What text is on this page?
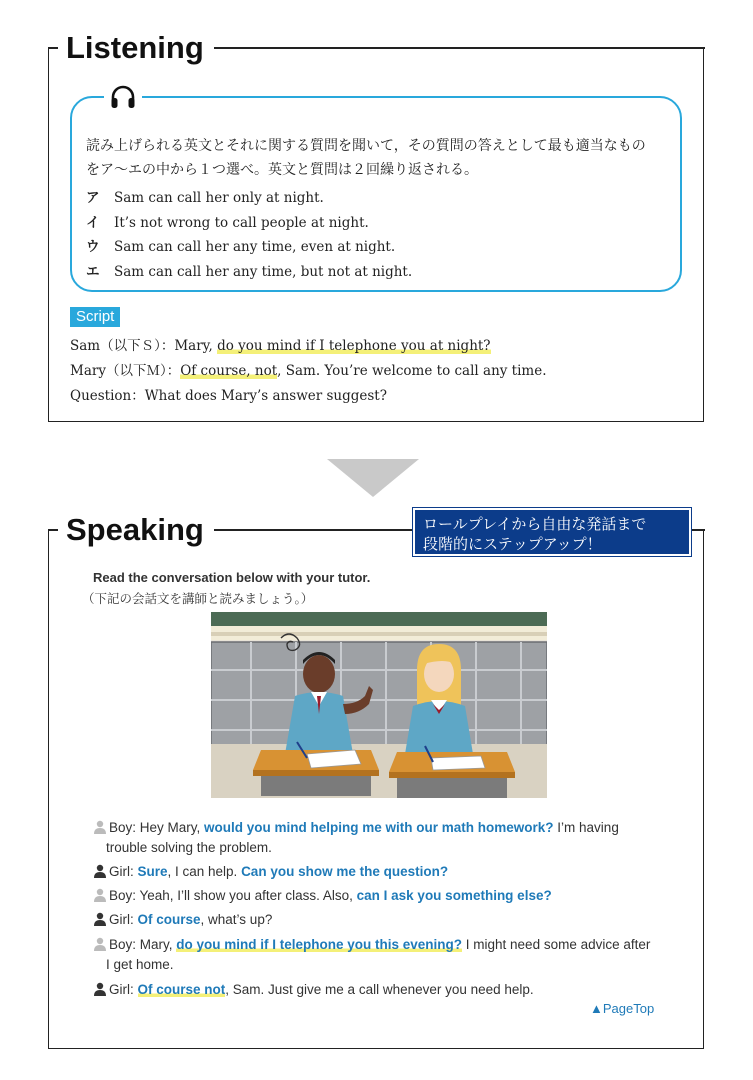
Listening
読み上げられる英文とそれに関する質問を聞いて，その質問の答えとして最も適当なもの
をア～エの中から１つ選べ。英文と質問は２回繰り返される。
ア Sam can call her only at night.
イ It’s not wrong to call people at night.
ウ Sam can call her any time, even at night.
エ Sam can call her any time, but not at night.
Script
Sam（以下Ｓ）：Mary, do you mind if I telephone you at night?
Mary（以下Ｍ）：Of course, not, Sam. You’re welcome to call any time.
Question：What does Mary’s answer suggest?
Speaking	ロールプレイから自由な発話まで
段階的にステップアップ！
Read the conversation below with your tutor.
（下記の会話文を講師と読みましょう。）
Boy: Hey Mary, would you mind helping me with our math homework? I’m having
trouble solving the problem.
Girl: Sure, I can help. Can you show me the question?
Boy: Yeah, I’ll show you after class. Also, can I ask you something else?
Girl: Of course, what’s up?
Boy: Mary, do you mind if I telephone you this evening? I might need some advice after
I get home.
Girl: Of course not, Sam. Just give me a call whenever you need help.
▲PageTop
